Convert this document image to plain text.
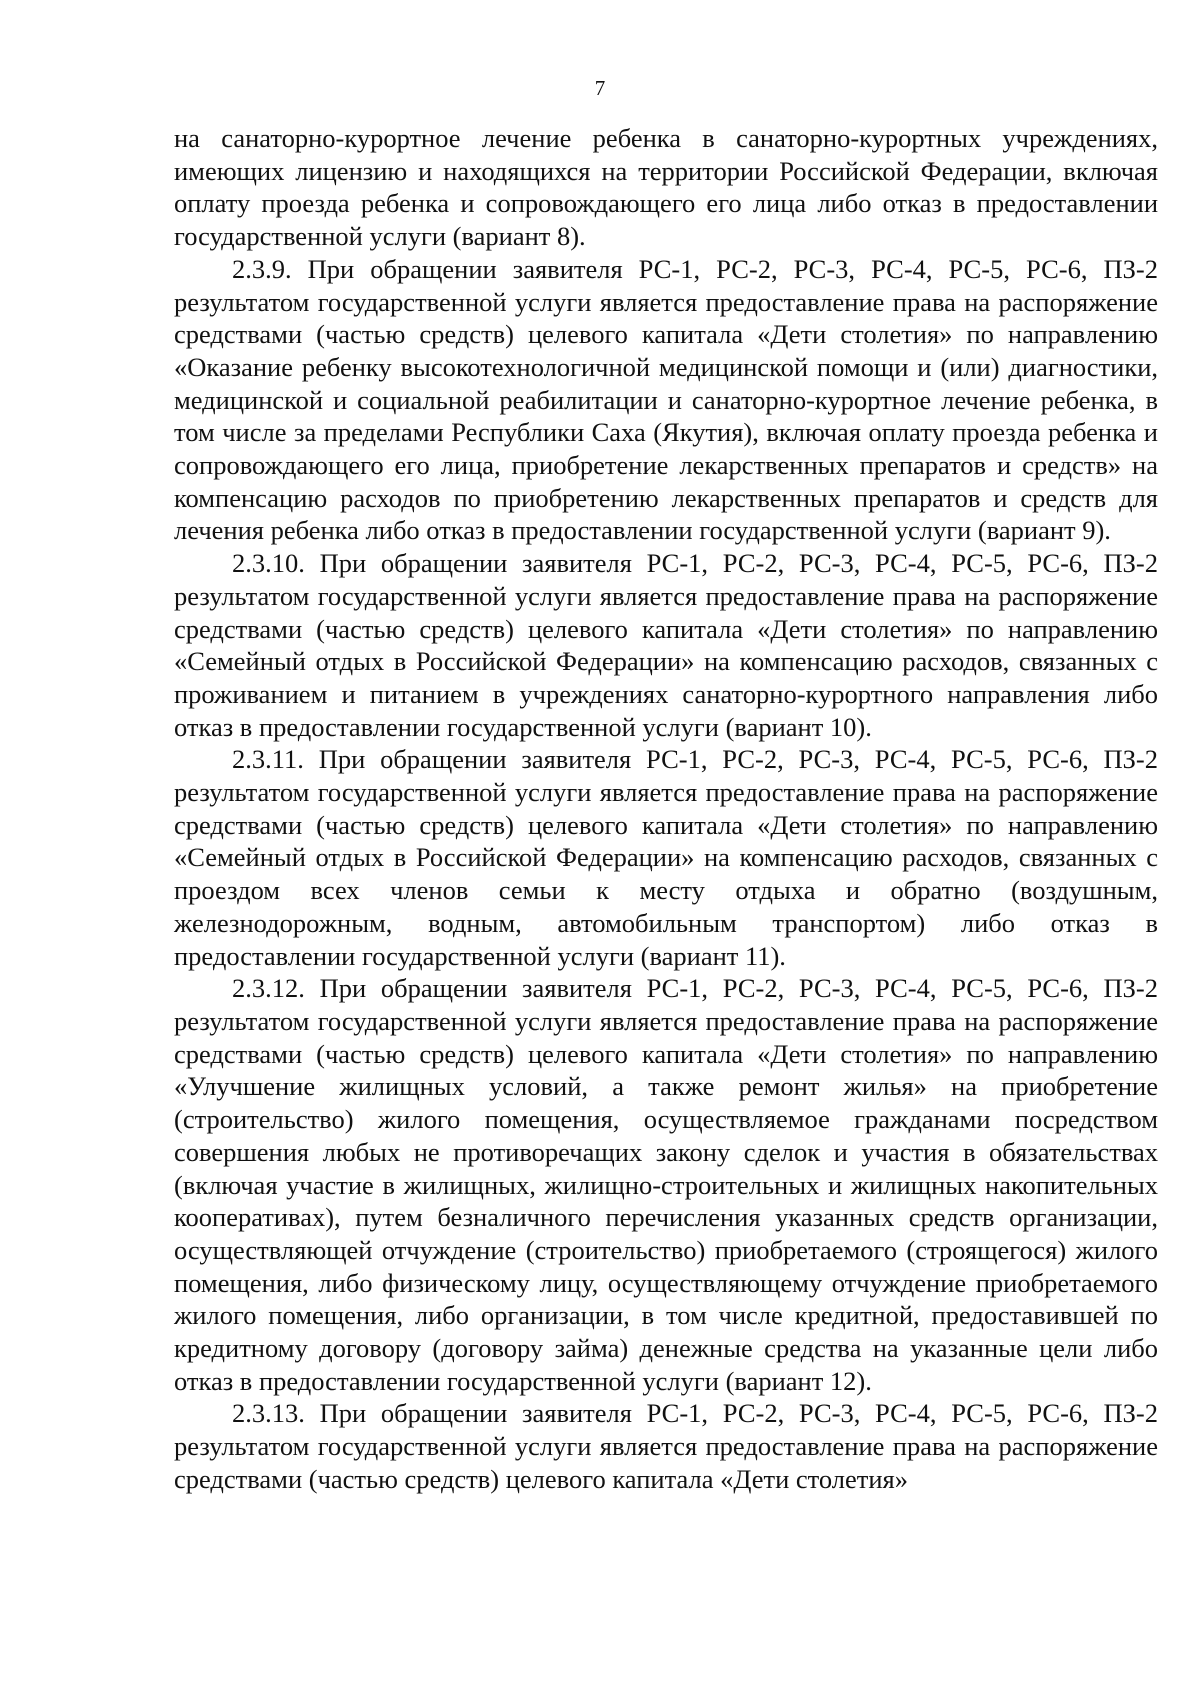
7

на санаторно-курортное лечение ребенка в санаторно-курортных учреждениях, имеющих лицензию и находящихся на территории Российской Федерации, включая оплату проезда ребенка и сопровождающего его лица либо отказ в предоставлении государственной услуги (вариант 8).

2.3.9. При обращении заявителя РС-1, РС-2, РС-3, РС-4, РС-5, РС-6, ПЗ-2 результатом государственной услуги является предоставление права на распоряжение средствами (частью средств) целевого капитала «Дети столетия» по направлению «Оказание ребенку высокотехнологичной медицинской помощи и (или) диагностики, медицинской и социальной реабилитации и санаторно-курортное лечение ребенка, в том числе за пределами Республики Саха (Якутия), включая оплату проезда ребенка и сопровождающего его лица, приобретение лекарственных препаратов и средств» на компенсацию расходов по приобретению лекарственных препаратов и средств для лечения ребенка либо отказ в предоставлении государственной услуги (вариант 9).

2.3.10. При обращении заявителя РС-1, РС-2, РС-3, РС-4, РС-5, РС-6, ПЗ-2 результатом государственной услуги является предоставление права на распоряжение средствами (частью средств) целевого капитала «Дети столетия» по направлению «Семейный отдых в Российской Федерации» на компенсацию расходов, связанных с проживанием и питанием в учреждениях санаторно-курортного направления либо отказ в предоставлении государственной услуги (вариант 10).

2.3.11. При обращении заявителя РС-1, РС-2, РС-3, РС-4, РС-5, РС-6, ПЗ-2 результатом государственной услуги является предоставление права на распоряжение средствами (частью средств) целевого капитала «Дети столетия» по направлению «Семейный отдых в Российской Федерации» на компенсацию расходов, связанных с проездом всех членов семьи к месту отдыха и обратно (воздушным, железнодорожным, водным, автомобильным транспортом) либо отказ в предоставлении государственной услуги (вариант 11).

2.3.12. При обращении заявителя РС-1, РС-2, РС-3, РС-4, РС-5, РС-6, ПЗ-2 результатом государственной услуги является предоставление права на распоряжение средствами (частью средств) целевого капитала «Дети столетия» по направлению «Улучшение жилищных условий, а также ремонт жилья» на приобретение (строительство) жилого помещения, осуществляемое гражданами посредством совершения любых не противоречащих закону сделок и участия в обязательствах (включая участие в жилищных, жилищно-строительных и жилищных накопительных кооперативах), путем безналичного перечисления указанных средств организации, осуществляющей отчуждение (строительство) приобретаемого (строящегося) жилого помещения, либо физическому лицу, осуществляющему отчуждение приобретаемого жилого помещения, либо организации, в том числе кредитной, предоставившей по кредитному договору (договору займа) денежные средства на указанные цели либо отказ в предоставлении государственной услуги (вариант 12).

2.3.13. При обращении заявителя РС-1, РС-2, РС-3, РС-4, РС-5, РС-6, ПЗ-2 результатом государственной услуги является предоставление права на распоряжение средствами (частью средств) целевого капитала «Дети столетия»
